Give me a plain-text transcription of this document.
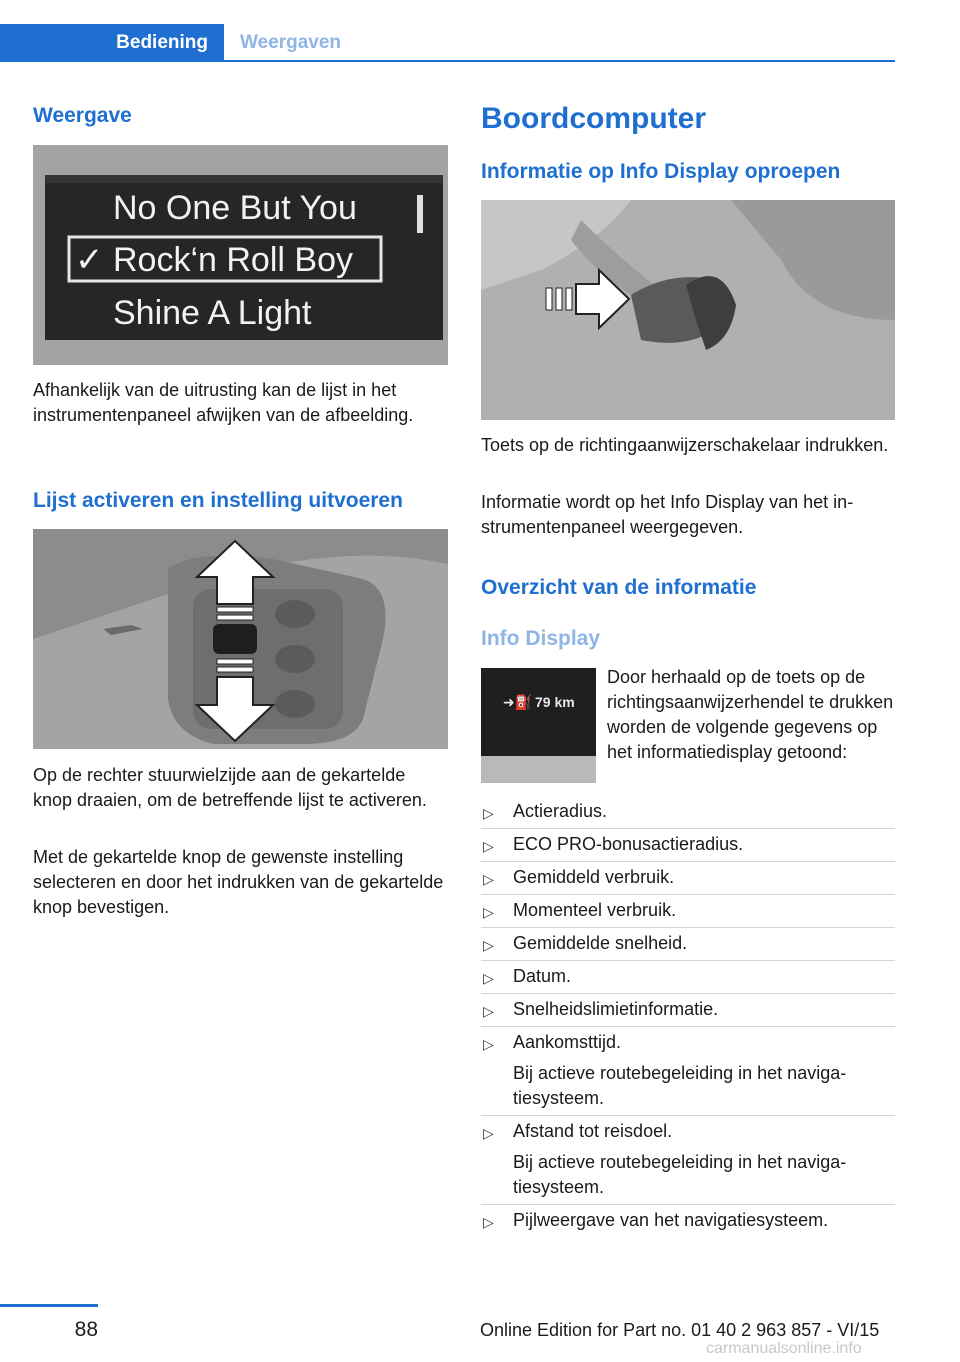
Bediening	Weergaven
Weergave
No One But You
✓ Rock‘n Roll Boy
Shine A Light
Afhankelijk van de uitrusting kan de lijst in het instrumentenpaneel afwijken van de afbeelding.
Lijst activeren en instelling uitvoeren
Op de rechter stuurwielzijde aan de gekartelde knop draaien, om de betreffende lijst te activeren.
Met de gekartelde knop de gewenste instelling selecteren en door het indrukken van de gekartelde knop bevestigen.
Boordcomputer
Informatie op Info Display oproepen
Toets op de richtingaanwijzerschakelaar indrukken.
Informatie wordt op het Info Display van het instrumentenpaneel weergegeven.
Overzicht van de informatie
Info Display
➜⛽ 79 km
Door herhaald op de toets op de richtingsaanwijzerhendel te drukken worden de volgende gegevens op het informatiedisplay getoond:
▷ Actieradius.
▷ ECO PRO-bonusactieradius.
▷ Gemiddeld verbruik.
▷ Momenteel verbruik.
▷ Gemiddelde snelheid.
▷ Datum.
▷ Snelheidslimietinformatie.
▷ Aankomsttijd.
Bij actieve routebegeleiding in het navigatiesysteem.
▷ Afstand tot reisdoel.
Bij actieve routebegeleiding in het navigatiesysteem.
▷ Pijlweergave van het navigatiesysteem.
88	Online Edition for Part no. 01 40 2 963 857 - VI/15
carmanualsonline.info
